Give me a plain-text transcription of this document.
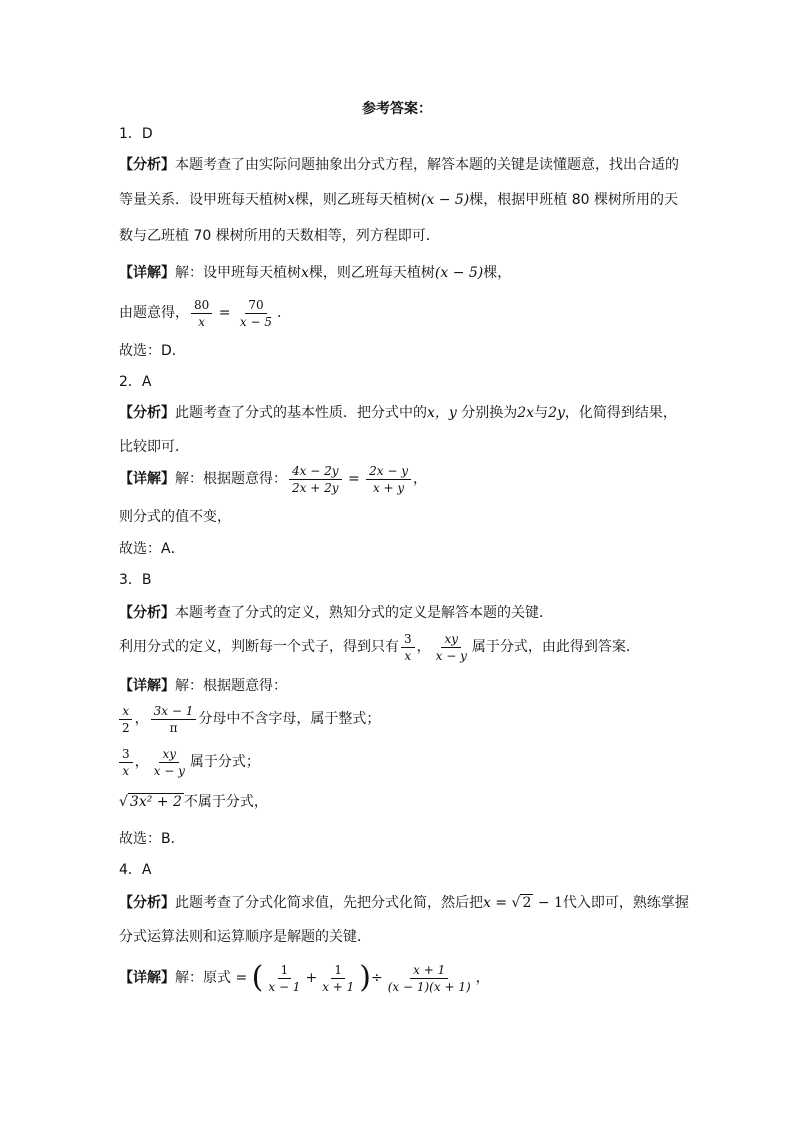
参考答案：
1．D
【分析】本题考查了由实际问题抽象出分式方程，解答本题的关键是读懂题意，找出合适的
等量关系．设甲班每天植树x棵，则乙班每天植树(x − 5)棵，根据甲班植 80 棵树所用的天
数与乙班植 70 棵树所用的天数相等，列方程即可．
【详解】解：设甲班每天植树x棵，则乙班每天植树(x − 5)棵，
由题意得， $\frac{80}{x} = \frac{70}{x - 5}$ ．
故选：D．
2．A
【分析】此题考查了分式的基本性质．把分式中的x，y 分别换为2x与2y，化简得到结果，
比较即可．
【详解】解：根据题意得： $\frac{4x - 2y}{2x + 2y} = \frac{2x - y}{x + y}$ ，
则分式的值不变，
故选：A．
3．B
【分析】本题考查了分式的定义，熟知分式的定义是解答本题的关键．
利用分式的定义，判断每一个式子，得到只有 $\frac{3}{x}$ ， $\frac{xy}{x - y}$ 属于分式，由此得到答案．
【详解】解：根据题意得：
$\frac{x}{2}$ ， $\frac{3x - 1}{\pi}$ 分母中不含字母，属于整式；
$\frac{3}{x}$ ， $\frac{xy}{x - y}$ 属于分式；
√ 3x² + 2 不属于分式，
故选：B．
4．A
【分析】此题考查了分式化简求值，先把分式化简，然后把x = √ 2 − 1代入即可，熟练掌握
分式运算法则和运算顺序是解题的关键．
【详解】解：原式 = ( $\frac{1}{x - 1} + \frac{1}{x + 1}$ )÷ $\frac{x + 1}{(x - 1)(x + 1)}$ ，
